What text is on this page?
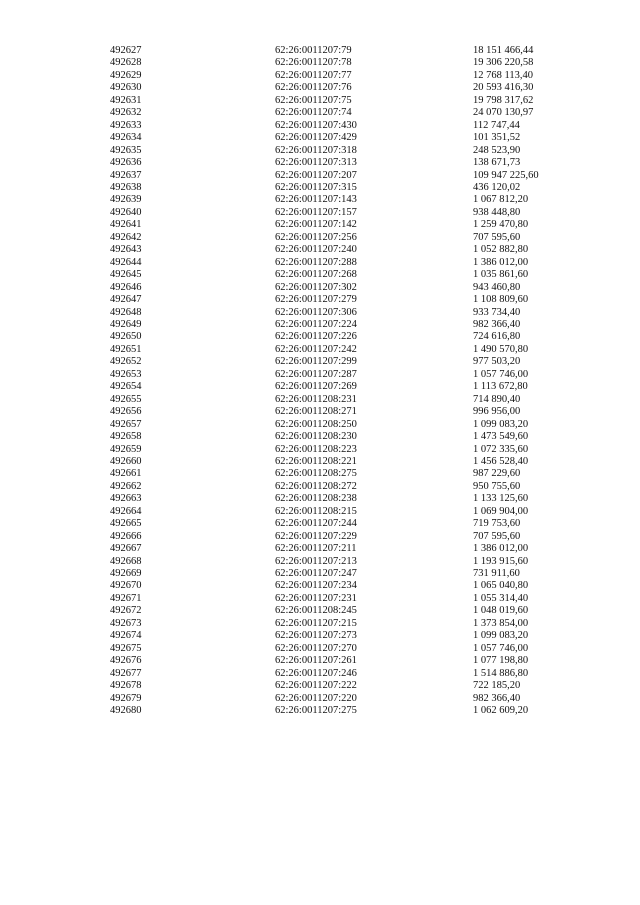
492627	62:26:0011207:79	18 151 466,44
492628	62:26:0011207:78	19 306 220,58
492629	62:26:0011207:77	12 768 113,40
492630	62:26:0011207:76	20 593 416,30
492631	62:26:0011207:75	19 798 317,62
492632	62:26:0011207:74	24 070 130,97
492633	62:26:0011207:430	112 747,44
492634	62:26:0011207:429	101 351,52
492635	62:26:0011207:318	248 523,90
492636	62:26:0011207:313	138 671,73
492637	62:26:0011207:207	109 947 225,60
492638	62:26:0011207:315	436 120,02
492639	62:26:0011207:143	1 067 812,20
492640	62:26:0011207:157	938 448,80
492641	62:26:0011207:142	1 259 470,80
492642	62:26:0011207:256	707 595,60
492643	62:26:0011207:240	1 052 882,80
492644	62:26:0011207:288	1 386 012,00
492645	62:26:0011207:268	1 035 861,60
492646	62:26:0011207:302	943 460,80
492647	62:26:0011207:279	1 108 809,60
492648	62:26:0011207:306	933 734,40
492649	62:26:0011207:224	982 366,40
492650	62:26:0011207:226	724 616,80
492651	62:26:0011207:242	1 490 570,80
492652	62:26:0011207:299	977 503,20
492653	62:26:0011207:287	1 057 746,00
492654	62:26:0011207:269	1 113 672,80
492655	62:26:0011208:231	714 890,40
492656	62:26:0011208:271	996 956,00
492657	62:26:0011208:250	1 099 083,20
492658	62:26:0011208:230	1 473 549,60
492659	62:26:0011208:223	1 072 335,60
492660	62:26:0011208:221	1 456 528,40
492661	62:26:0011208:275	987 229,60
492662	62:26:0011208:272	950 755,60
492663	62:26:0011208:238	1 133 125,60
492664	62:26:0011208:215	1 069 904,00
492665	62:26:0011207:244	719 753,60
492666	62:26:0011207:229	707 595,60
492667	62:26:0011207:211	1 386 012,00
492668	62:26:0011207:213	1 193 915,60
492669	62:26:0011207:247	731 911,60
492670	62:26:0011207:234	1 065 040,80
492671	62:26:0011207:231	1 055 314,40
492672	62:26:0011208:245	1 048 019,60
492673	62:26:0011207:215	1 373 854,00
492674	62:26:0011207:273	1 099 083,20
492675	62:26:0011207:270	1 057 746,00
492676	62:26:0011207:261	1 077 198,80
492677	62:26:0011207:246	1 514 886,80
492678	62:26:0011207:222	722 185,20
492679	62:26:0011207:220	982 366,40
492680	62:26:0011207:275	1 062 609,20
